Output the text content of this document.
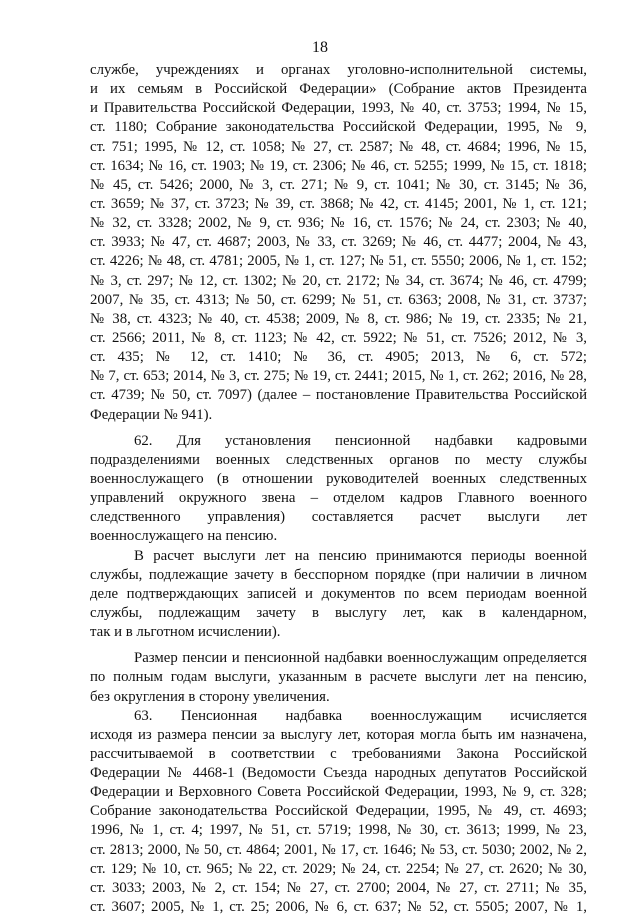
18
службе, учреждениях и органах уголовно-исполнительной системы,
и их семьям в Российской Федерации» (Собрание актов Президента
и Правительства Российской Федерации, 1993, № 40, ст. 3753; 1994, № 15,
ст. 1180; Собрание законодательства Российской Федерации, 1995, № 9,
ст. 751; 1995, № 12, ст. 1058; № 27, ст. 2587; № 48, ст. 4684; 1996, № 15,
ст. 1634; № 16, ст. 1903; № 19, ст. 2306; № 46, ст. 5255; 1999, № 15, ст. 1818;
№ 45, ст. 5426; 2000, № 3, ст. 271; № 9, ст. 1041; № 30, ст. 3145; № 36,
ст. 3659; № 37, ст. 3723; № 39, ст. 3868; № 42, ст. 4145; 2001, № 1, ст. 121;
№ 32, ст. 3328; 2002, № 9, ст. 936; № 16, ст. 1576; № 24, ст. 2303; № 40,
ст. 3933; № 47, ст. 4687; 2003, № 33, ст. 3269; № 46, ст. 4477; 2004, № 43,
ст. 4226; № 48, ст. 4781; 2005, № 1, ст. 127; № 51, ст. 5550; 2006, № 1, ст. 152;
№ 3, ст. 297; № 12, ст. 1302; № 20, ст. 2172; № 34, ст. 3674; № 46, ст. 4799;
2007, № 35, ст. 4313; № 50, ст. 6299; № 51, ст. 6363; 2008, № 31, ст. 3737;
№ 38, ст. 4323; № 40, ст. 4538; 2009, № 8, ст. 986; № 19, ст. 2335; № 21,
ст. 2566; 2011, № 8, ст. 1123; № 42, ст. 5922; № 51, ст. 7526; 2012, № 3,
ст. 435; № 12, ст. 1410; № 36, ст. 4905; 2013, № 6, ст. 572;
№ 7, ст. 653; 2014, № 3, ст. 275; № 19, ст. 2441; 2015, № 1, ст. 262; 2016, № 28,
ст. 4739; № 50, ст. 7097) (далее – постановление Правительства Российской
Федерации № 941).
62. Для установления пенсионной надбавки кадровыми
подразделениями военных следственных органов по месту службы
военнослужащего (в отношении руководителей военных следственных
управлений окружного звена – отделом кадров Главного военного
следственного управления) составляется расчет выслуги лет
военнослужащего на пенсию.
В расчет выслуги лет на пенсию принимаются периоды военной
службы, подлежащие зачету в бесспорном порядке (при наличии в личном
деле подтверждающих записей и документов по всем периодам военной
службы, подлежащим зачету в выслугу лет, как в календарном,
так и в льготном исчислении).
Размер пенсии и пенсионной надбавки военнослужащим определяется
по полным годам выслуги, указанным в расчете выслуги лет на пенсию,
без округления в сторону увеличения.
63. Пенсионная надбавка военнослужащим исчисляется
исходя из размера пенсии за выслугу лет, которая могла быть им назначена,
рассчитываемой в соответствии с требованиями Закона Российской
Федерации № 4468-1 (Ведомости Съезда народных депутатов Российской
Федерации и Верховного Совета Российской Федерации, 1993, № 9, ст. 328;
Собрание законодательства Российской Федерации, 1995, № 49, ст. 4693;
1996, № 1, ст. 4; 1997, № 51, ст. 5719; 1998, № 30, ст. 3613; 1999, № 23,
ст. 2813; 2000, № 50, ст. 4864; 2001, № 17, ст. 1646; № 53, ст. 5030; 2002, № 2,
ст. 129; № 10, ст. 965; № 22, ст. 2029; № 24, ст. 2254; № 27, ст. 2620; № 30,
ст. 3033; 2003, № 2, ст. 154; № 27, ст. 2700; 2004, № 27, ст. 2711; № 35,
ст. 3607; 2005, № 1, ст. 25; 2006, № 6, ст. 637; № 52, ст. 5505; 2007, № 1,
